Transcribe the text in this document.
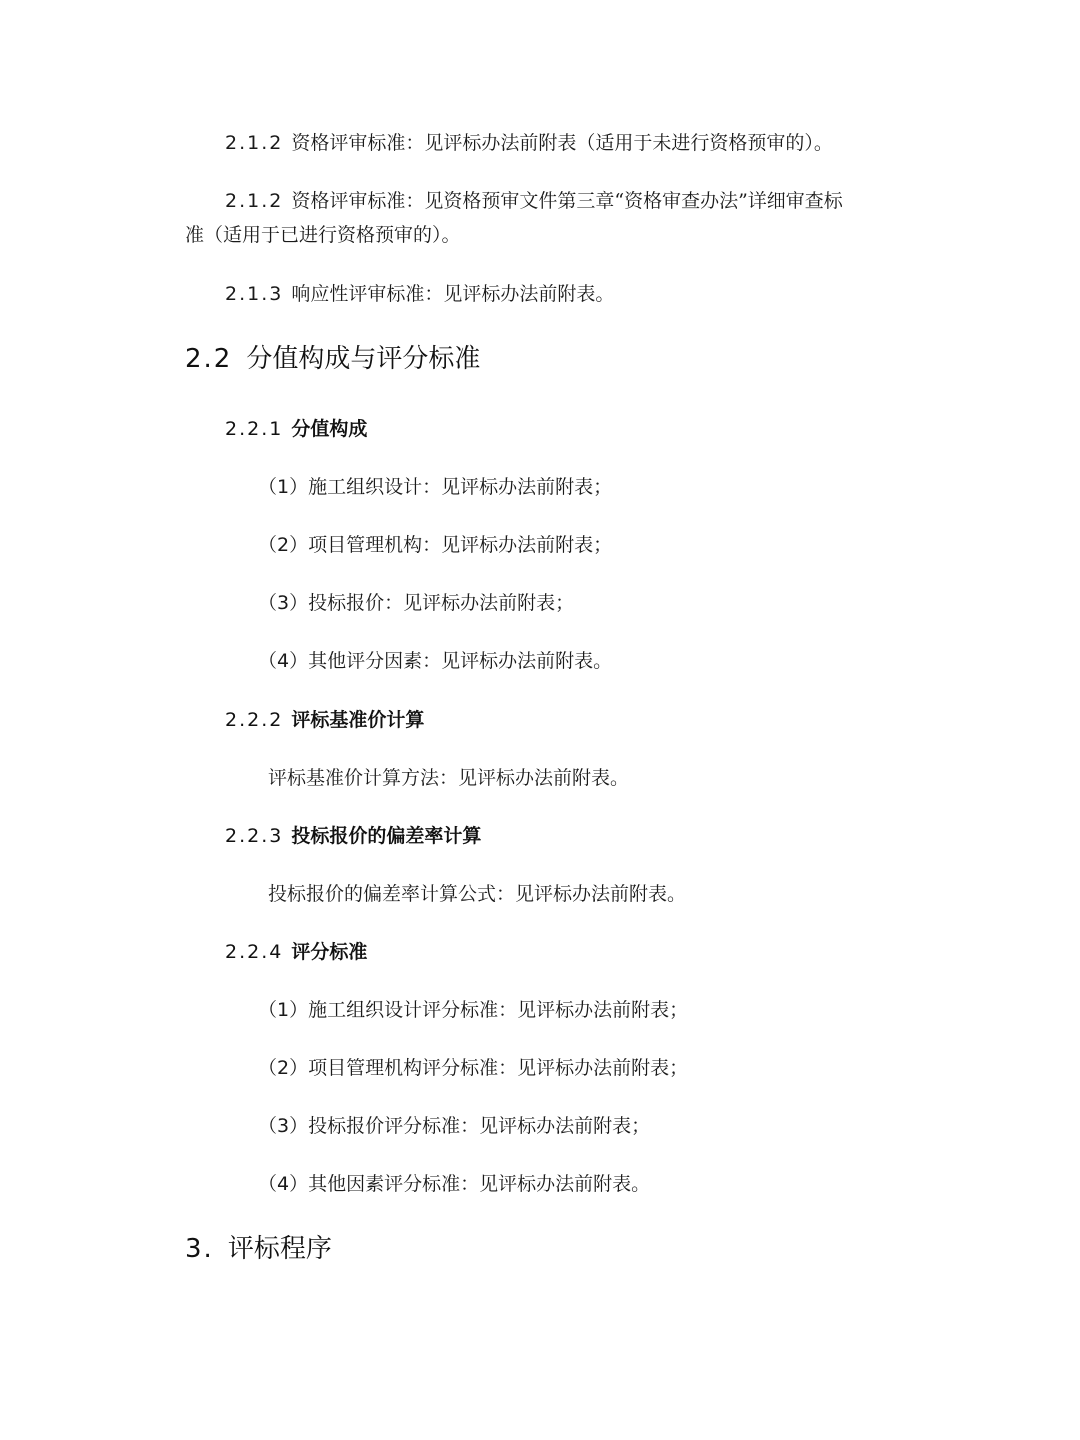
2.1.2 资格评审标准：见评标办法前附表（适用于未进行资格预审的）。
2.1.2 资格评审标准：见资格预审文件第三章“资格审查办法”详细审查标
准（适用于已进行资格预审的）。
2.1.3 响应性评审标准：见评标办法前附表。
2.2 分值构成与评分标准
2.2.1 分值构成
（1）施工组织设计：见评标办法前附表；
（2）项目管理机构：见评标办法前附表；
（3）投标报价：见评标办法前附表；
（4）其他评分因素：见评标办法前附表。
2.2.2 评标基准价计算
评标基准价计算方法：见评标办法前附表。
2.2.3 投标报价的偏差率计算
投标报价的偏差率计算公式：见评标办法前附表。
2.2.4 评分标准
（1）施工组织设计评分标准：见评标办法前附表；
（2）项目管理机构评分标准：见评标办法前附表；
（3）投标报价评分标准：见评标办法前附表；
（4）其他因素评分标准：见评标办法前附表。
3. 评标程序
